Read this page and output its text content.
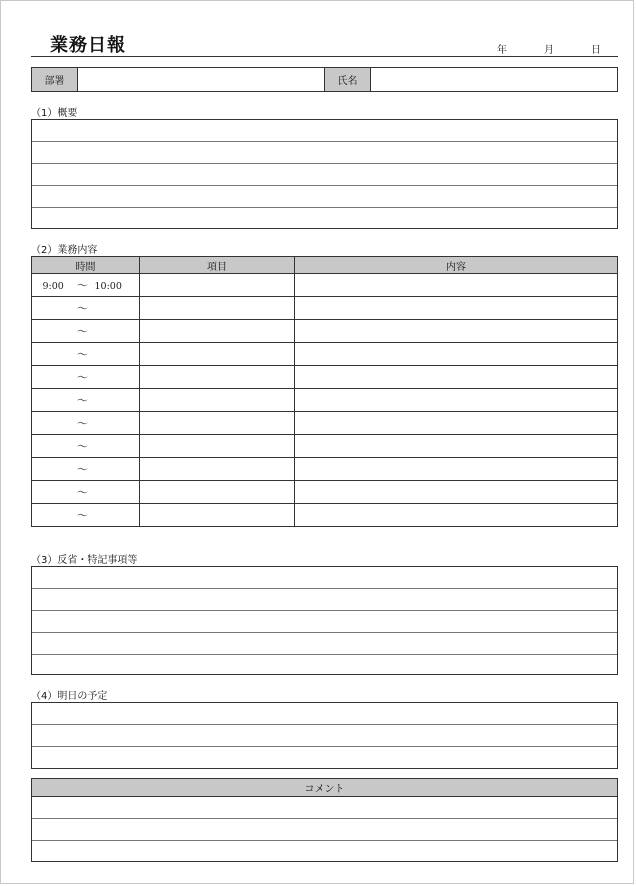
業務日報	年	月	日
部署	氏名
（1）概要
（2）業務内容
時間	項目	内容
9:00 ～ 10:00		
～		
～		
～		
～		
～		
～		
～		
～		
～		
～		
（3）反省・特記事項等
（4）明日の予定
コメント
